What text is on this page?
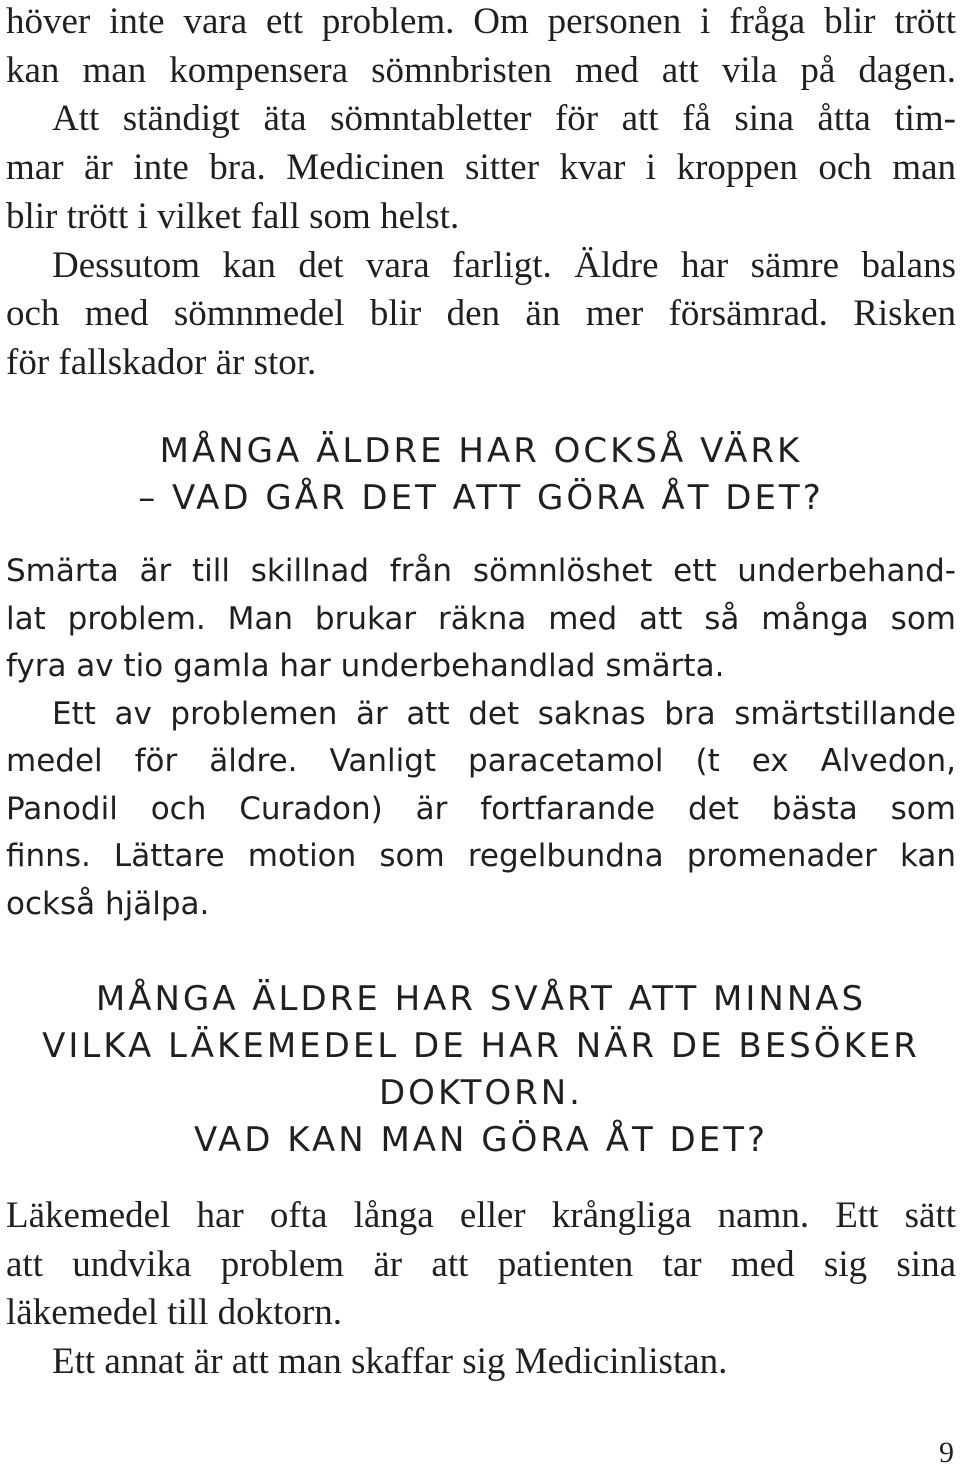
höver inte vara ett problem. Om personen i fråga blir trött
kan man kompensera sömnbristen med att vila på dagen.
Att ständigt äta sömntabletter för att få sina åtta tim-
mar är inte bra. Medicinen sitter kvar i kroppen och man
blir trött i vilket fall som helst.
Dessutom kan det vara farligt. Äldre har sämre balans
och med sömnmedel blir den än mer försämrad. Risken
för fallskador är stor.
MÅNGA ÄLDRE HAR OCKSÅ VÄRK
– VAD GÅR DET ATT GÖRA ÅT DET?
Smärta är till skillnad från sömnlöshet ett underbehand-
lat problem. Man brukar räkna med att så många som
fyra av tio gamla har underbehandlad smärta.
Ett av problemen är att det saknas bra smärtstillande
medel för äldre. Vanligt paracetamol (t ex Alvedon,
Panodil och Curadon) är fortfarande det bästa som
finns. Lättare motion som regelbundna promenader kan
också hjälpa.
MÅNGA ÄLDRE HAR SVÅRT ATT MINNAS
VILKA LÄKEMEDEL DE HAR NÄR DE BESÖKER
DOKTORN.
VAD KAN MAN GÖRA ÅT DET?
Läkemedel har ofta långa eller krångliga namn. Ett sätt
att undvika problem är att patienten tar med sig sina
läkemedel till doktorn.
Ett annat är att man skaffar sig Medicinlistan.
9
